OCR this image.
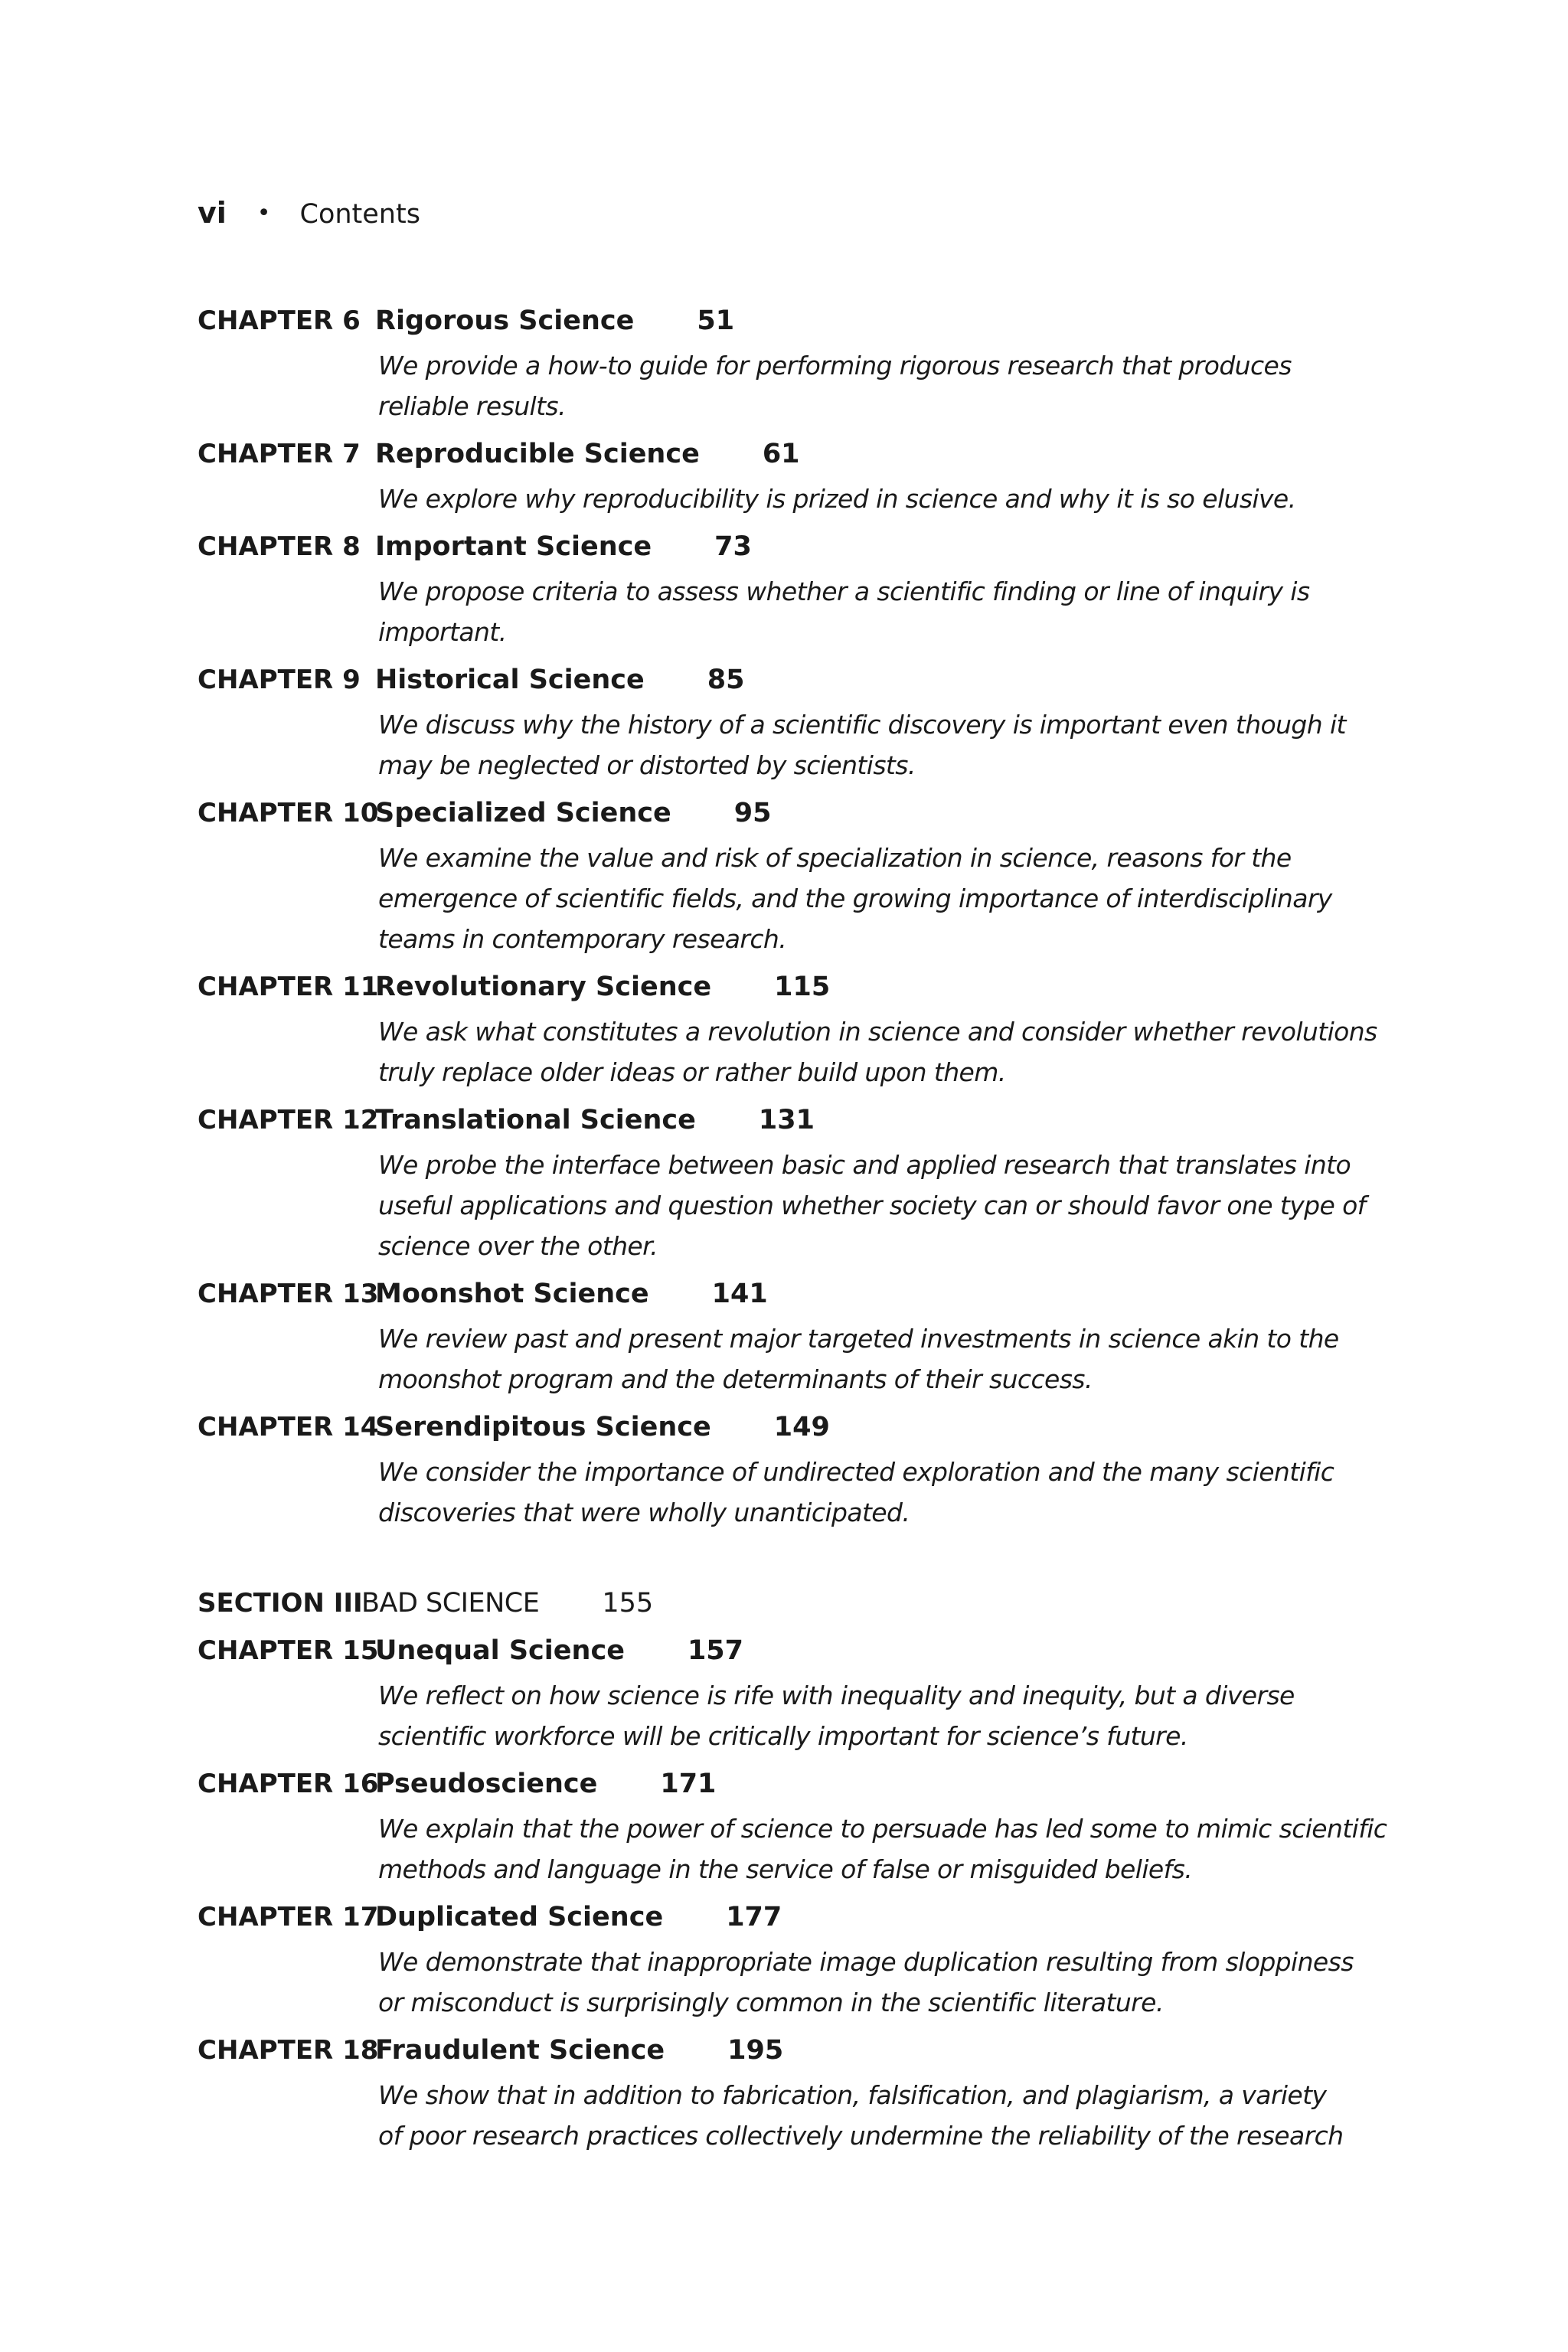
vi • Contents
CHAPTER 6 Rigorous Science 51
We provide a how-to guide for performing rigorous research that produces
reliable results.
CHAPTER 7 Reproducible Science 61
We explore why reproducibility is prized in science and why it is so elusive.
CHAPTER 8 Important Science 73
We propose criteria to assess whether a scientific finding or line of inquiry is
important.
CHAPTER 9 Historical Science 85
We discuss why the history of a scientific discovery is important even though it
may be neglected or distorted by scientists.
CHAPTER 10
Specialized Science 95
We examine the value and risk of specialization in science, reasons for the
emergence of scientific fields, and the growing importance of interdisciplinary
teams in contemporary research.
CHAPTER 11
Revolutionary Science 115
We ask what constitutes a revolution in science and consider whether revolutions
truly replace older ideas or rather build upon them.
CHAPTER 12
Translational Science 131
We probe the interface between basic and applied research that translates into
useful applications and question whether society can or should favor one type of
science over the other.
CHAPTER 13
Moonshot Science 141
We review past and present major targeted investments in science akin to the
moonshot program and the determinants of their success.
CHAPTER 14
Serendipitous Science 149
We consider the importance of undirected exploration and the many scientific
discoveries that were wholly unanticipated.
SECTION III
BAD SCIENCE 155
CHAPTER 15
Unequal Science 157
We reflect on how science is rife with inequality and inequity, but a diverse
scientific workforce will be critically important for science’s future.
CHAPTER 16
Pseudoscience 171
We explain that the power of science to persuade has led some to mimic scientific
methods and language in the service of false or misguided beliefs.
CHAPTER 17
Duplicated Science 177
We demonstrate that inappropriate image duplication resulting from sloppiness
or misconduct is surprisingly common in the scientific literature.
CHAPTER 18
Fraudulent Science 195
We show that in addition to fabrication, falsification, and plagiarism, a variety
of poor research practices collectively undermine the reliability of the research
